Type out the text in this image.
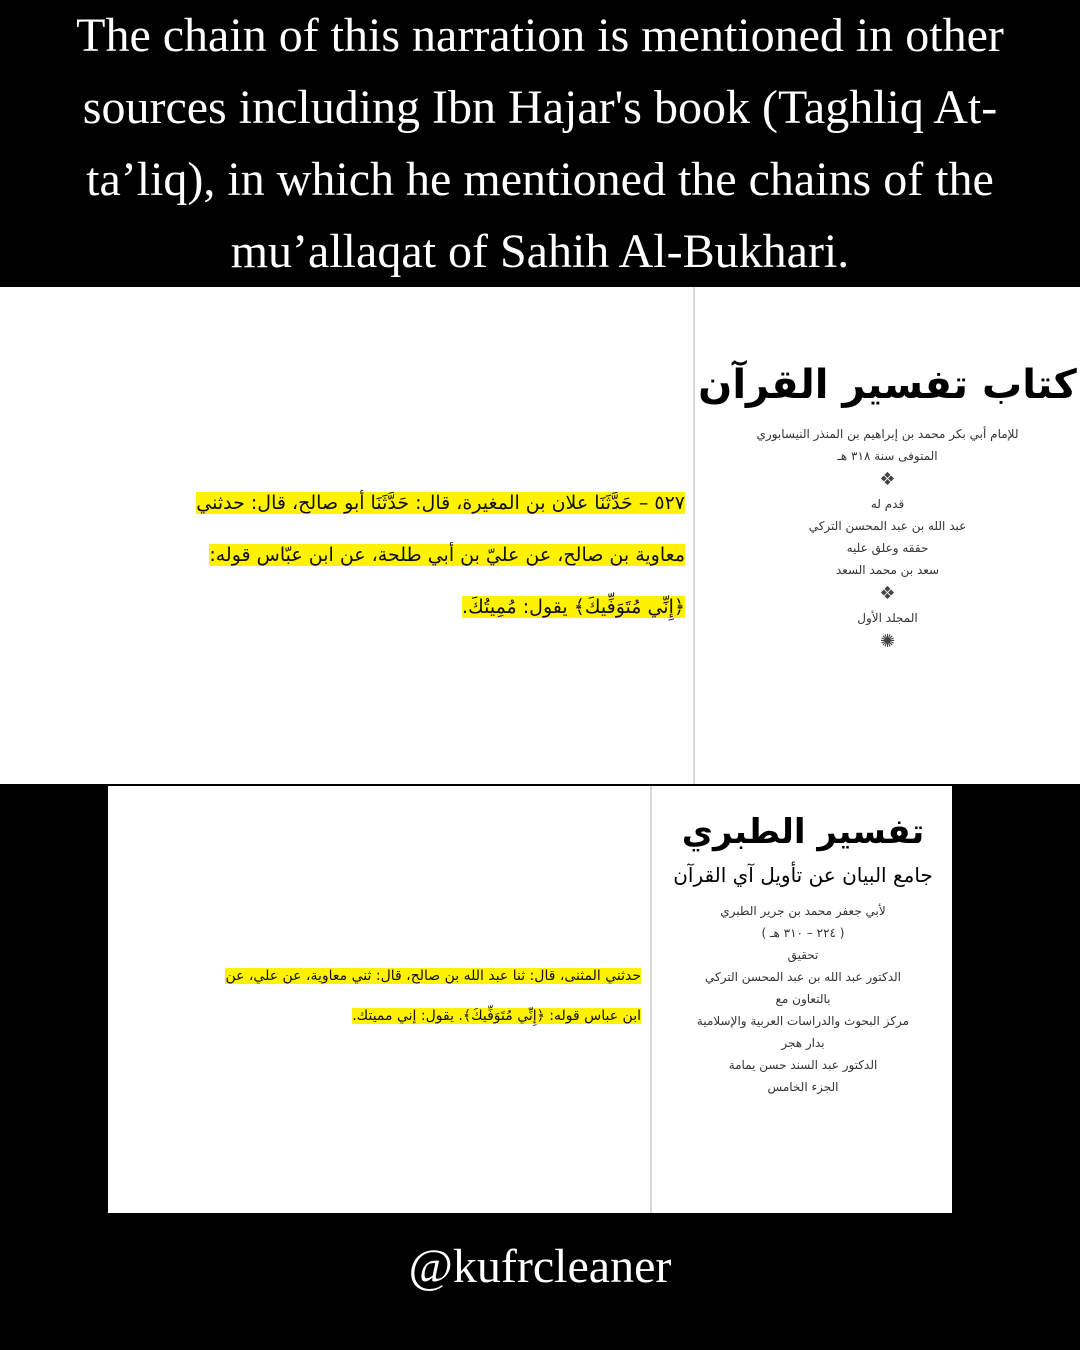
The chain of this narration is mentioned in other
sources including Ibn Hajar's book (Taghliq At-
ta’liq), in which he mentioned the chains of the
mu’allaqat of Sahih Al-Bukhari.
٥٢٧ – حَدَّثَنَا علان بن المغيرة، قال: حَدَّثَنَا أبو صالح، قال: حدثني
معاوية بن صالح، عن عليّ بن أبي طلحة، عن ابن عبّاس قوله:
﴿إِنِّي مُتَوَفِّيكَ﴾ يقول: مُمِيتُكَ.
كتاب تفسير القرآن
للإمام أبي بكر محمد بن إبراهيم بن المنذر النيسابوري
المتوفى سنة ٣١٨ هـ
❖
قدم له
عبد الله بن عبد المحسن التركي
حققه وعلق عليه
سعد بن محمد السعد
❖
المجلد الأول
✺
حدثني المثنى، قال: ثنا عبد الله بن صالح، قال: ثني معاوية، عن علي، عن
ابن عباس قوله: ﴿إِنِّي مُتَوَفِّيكَ﴾. يقول: إني مميتك.
تفسير الطبري
جامع البيان عن تأويل آي القرآن
لأبي جعفر محمد بن جرير الطبري
( ٢٢٤ – ٣١٠ هـ )
تحقيق
الدكتور عبد الله بن عبد المحسن التركي
بالتعاون مع
مركز البحوث والدراسات العربية والإسلامية
بدار هجر
الدكتور عبد السند حسن يمامة
الجزء الخامس
@kufrcleaner
